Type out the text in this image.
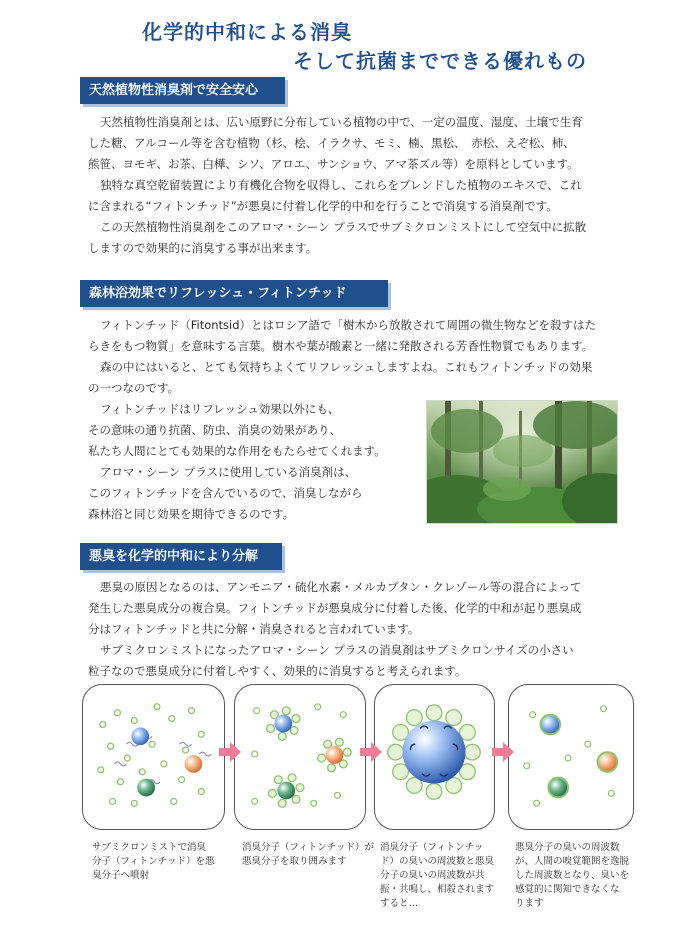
化学的中和による消臭
そして抗菌までできる優れもの
天然植物性消臭剤で安全安心
天然植物性消臭剤とは、広い原野に分布している植物の中で、一定の温度、湿度、土壌で生育
した糖、アルコール等を含む植物（杉、桧、イラクサ、モミ、楠、黒松、　赤松、えぞ松、柿、
熊笹、ヨモギ、お茶、白樺、シソ、アロエ、サンショウ、アマ茶ズル等）を原料としています。
独特な真空乾留装置により有機化合物を収得し、これらをブレンドした植物のエキスで、これ
に含まれる“フィトンチッド”が悪臭に付着し化学的中和を行うことで消臭する消臭剤です。
この天然植物性消臭剤をこのアロマ・シーン プラスでサブミクロンミストにして空気中に拡散
しますので効果的に消臭する事が出来ます。
森林浴効果でリフレッシュ・フィトンチッド
フィトンチッド（Fitontsid）とはロシア語で「樹木から放散されて周囲の微生物などを殺すはた
らきをもつ物質」を意味する言葉。樹木や葉が酸素と一緒に発散される芳香性物質でもあります。
森の中にはいると、とても気持ちよくてリフレッシュしますよね。これもフィトンチッドの効果
の一つなのです。
フィトンチッドはリフレッシュ効果以外にも、
その意味の通り抗菌、防虫、消臭の効果があり、
私たち人間にとても効果的な作用をもたらせてくれます。
アロマ・シーン プラスに使用している消臭剤は、
このフィトンチッドを含んでいるので、消臭しながら
森林浴と同じ効果を期待できるのです。
悪臭を化学的中和により分解
悪臭の原因となるのは、アンモニア・硫化水素・メルカプタン・クレゾール等の混合によって
発生した悪臭成分の複合臭。フィトンチッドが悪臭成分に付着した後、化学的中和が起り悪臭成
分はフィトンチッドと共に分解・消臭されると言われています。
サブミクロンミストになったアロマ・シーン プラスの消臭剤はサブミクロンサイズの小さい
粒子なので悪臭成分に付着しやすく、効果的に消臭すると考えられます。
サブミクロンミストで消臭
分子（フィトンチッド）を悪
臭分子へ噴射
消臭分子（フィトンチッド）が
悪臭分子を取り囲みます
消臭分子（フィトンチッ
ド）の臭いの周波数と悪臭
分子の臭いの周波数が共
振・共鳴し、相殺されます
すると…
悪臭分子の臭いの周波数
が、人間の嗅覚範囲を逸脱
した周波数となり、臭いを
感覚的に関知できなくな
ります
